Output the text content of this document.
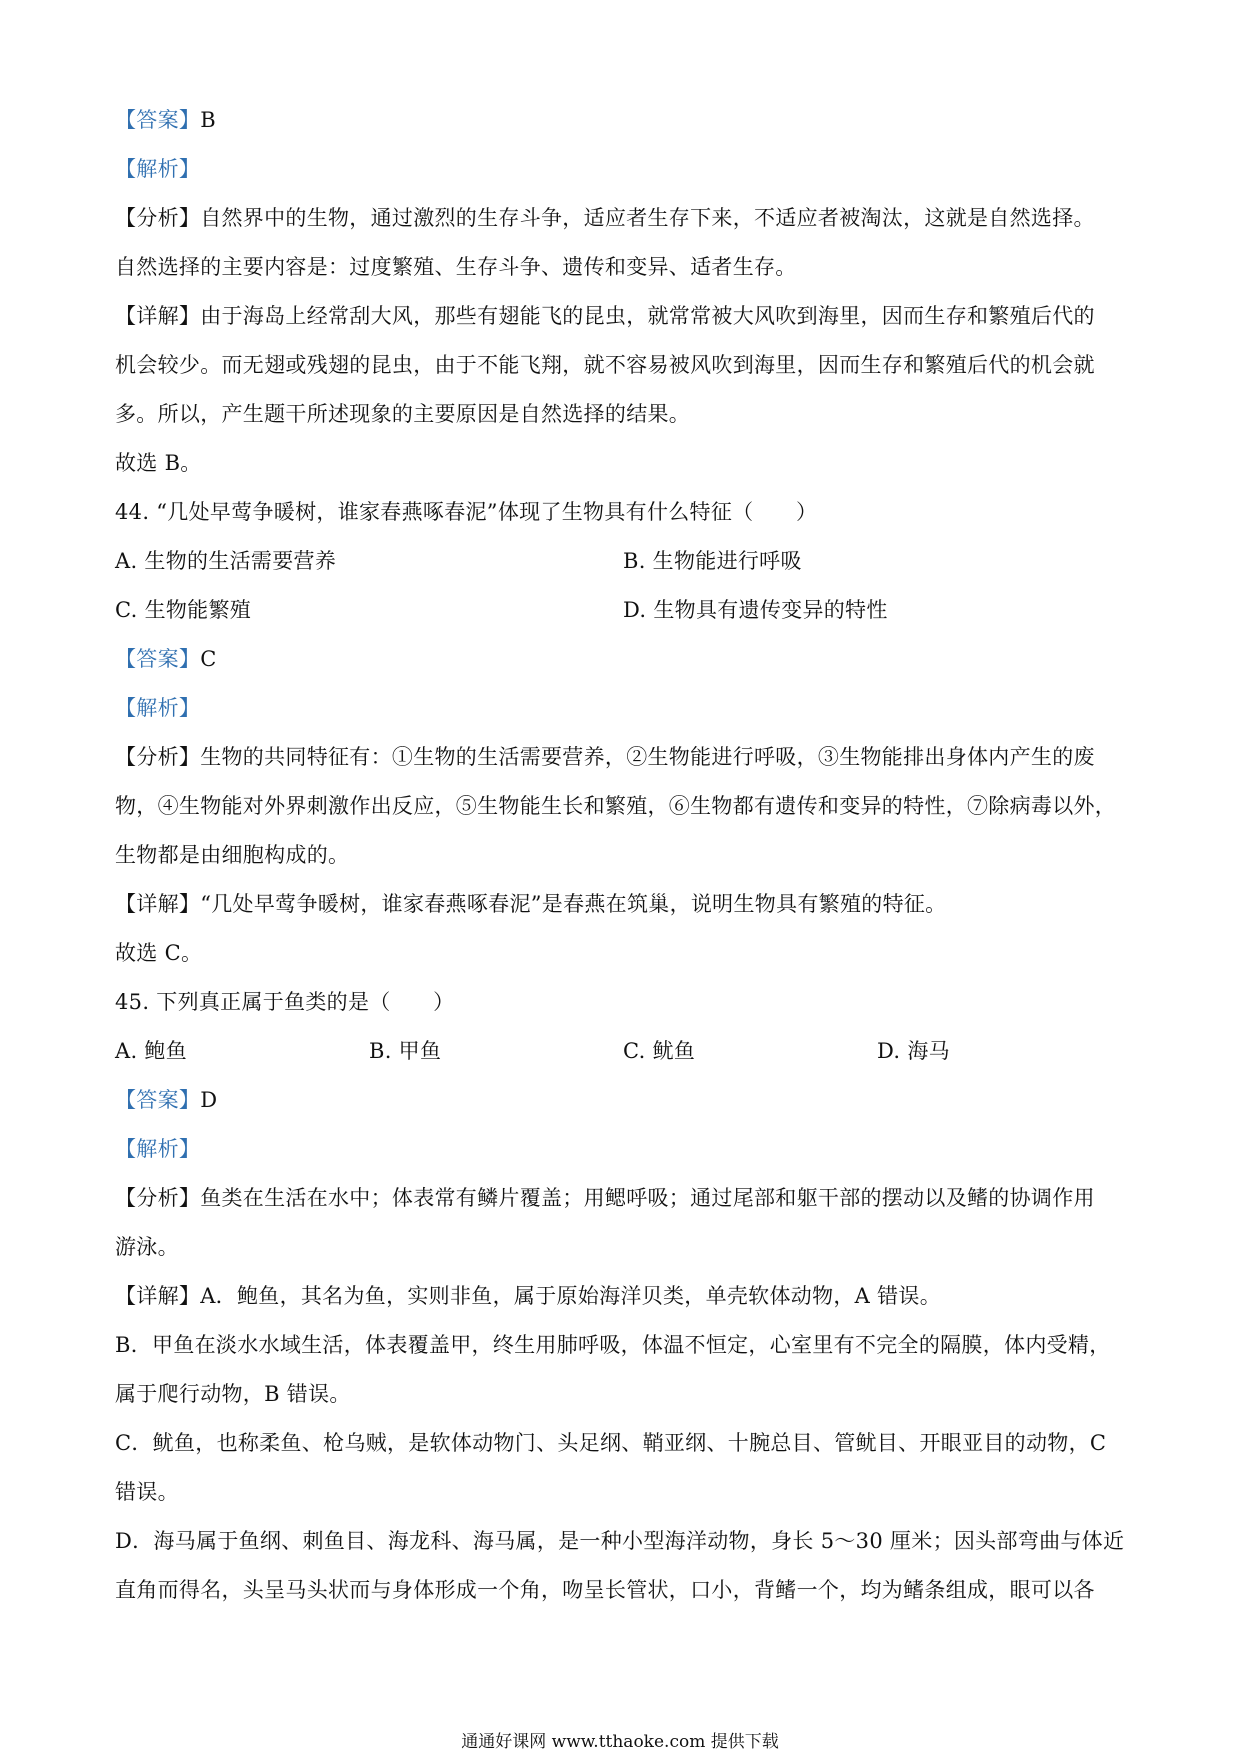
【答案】B
【解析】
【分析】自然界中的生物，通过激烈的生存斗争，适应者生存下来，不适应者被淘汰，这就是自然选择。
自然选择的主要内容是：过度繁殖、生存斗争、遗传和变异、适者生存。
【详解】由于海岛上经常刮大风，那些有翅能飞的昆虫，就常常被大风吹到海里，因而生存和繁殖后代的
机会较少。而无翅或残翅的昆虫，由于不能飞翔，就不容易被风吹到海里，因而生存和繁殖后代的机会就
多。所以，产生题干所述现象的主要原因是自然选择的结果。
故选 B。
44. “几处早莺争暖树，谁家春燕啄春泥”体现了生物具有什么特征（　　）
A. 生物的生活需要营养	B. 生物能进行呼吸
C. 生物能繁殖	D. 生物具有遗传变异的特性
【答案】C
【解析】
【分析】生物的共同特征有：①生物的生活需要营养，②生物能进行呼吸，③生物能排出身体内产生的废
物，④生物能对外界刺激作出反应，⑤生物能生长和繁殖，⑥生物都有遗传和变异的特性，⑦除病毒以外，
生物都是由细胞构成的。
【详解】“几处早莺争暖树，谁家春燕啄春泥”是春燕在筑巢，说明生物具有繁殖的特征。
故选 C。
45. 下列真正属于鱼类的是（　　）
A. 鲍鱼	B. 甲鱼	C. 鱿鱼	D. 海马
【答案】D
【解析】
【分析】鱼类在生活在水中；体表常有鳞片覆盖；用鳃呼吸；通过尾部和躯干部的摆动以及鳍的协调作用
游泳。
【详解】A．鲍鱼，其名为鱼，实则非鱼，属于原始海洋贝类，单壳软体动物，A 错误。
B．甲鱼在淡水水域生活，体表覆盖甲，终生用肺呼吸，体温不恒定，心室里有不完全的隔膜，体内受精，
属于爬行动物，B 错误。
C．鱿鱼，也称柔鱼、枪乌贼，是软体动物门、头足纲、鞘亚纲、十腕总目、管鱿目、开眼亚目的动物，C
错误。
D．海马属于鱼纲、刺鱼目、海龙科、海马属，是一种小型海洋动物，身长 5～30 厘米；因头部弯曲与体近
直角而得名，头呈马头状而与身体形成一个角，吻呈长管状，口小，背鳍一个，均为鳍条组成，眼可以各
通通好课网 www.tthaoke.com 提供下载
